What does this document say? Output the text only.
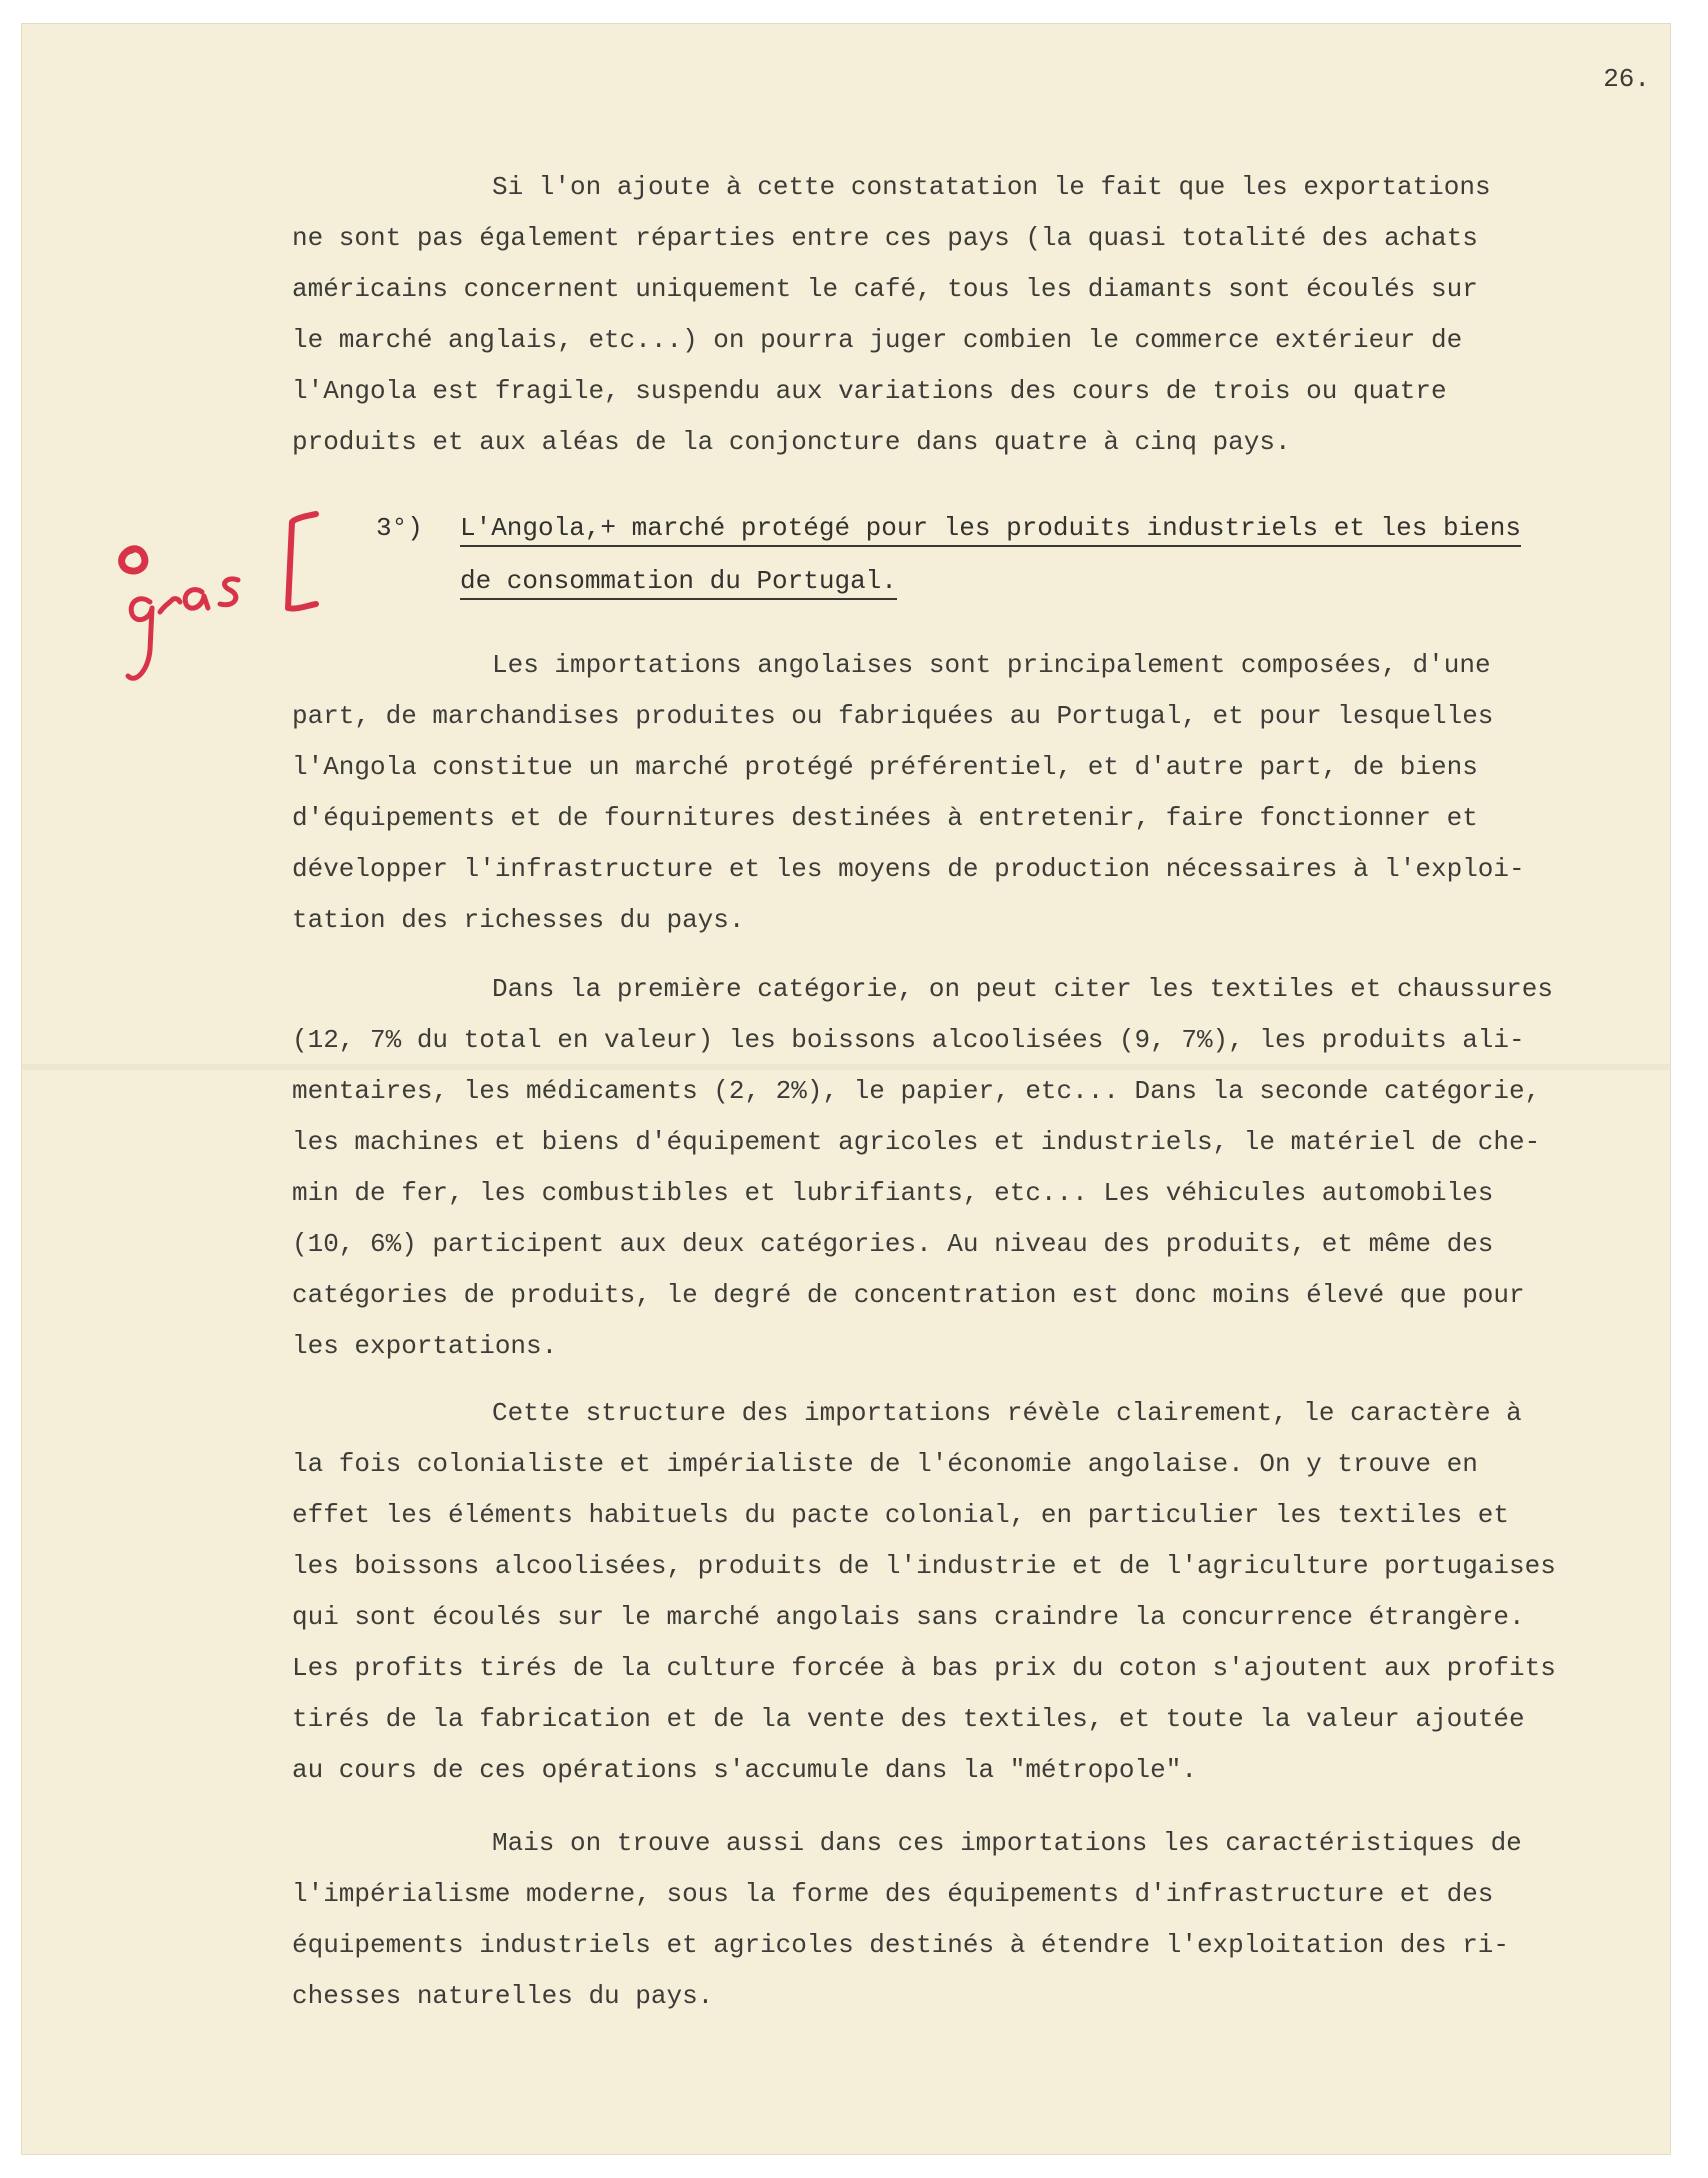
26.
Si l'on ajoute à cette constatation le fait que les exportations
ne sont pas également réparties entre ces pays (la quasi totalité des achats
américains concernent uniquement le café, tous les diamants sont écoulés sur
le marché anglais, etc...) on pourra juger combien le commerce extérieur de
l'Angola est fragile, suspendu aux variations des cours de trois ou quatre
produits et aux aléas de la conjoncture dans quatre à cinq pays.
3°) L'Angola,+ marché protégé pour les produits industriels et les biens
de consommation du Portugal.
Les importations angolaises sont principalement composées, d'une
part, de marchandises produites ou fabriquées au Portugal, et pour lesquelles
l'Angola constitue un marché protégé préférentiel, et d'autre part, de biens
d'équipements et de fournitures destinées à entretenir, faire fonctionner et
développer l'infrastructure et les moyens de production nécessaires à l'exploi-
tation des richesses du pays.
Dans la première catégorie, on peut citer les textiles et chaussures
(12, 7% du total en valeur) les boissons alcoolisées (9, 7%), les produits ali-
mentaires, les médicaments (2, 2%), le papier, etc... Dans la seconde catégorie,
les machines et biens d'équipement agricoles et industriels, le matériel de che-
min de fer, les combustibles et lubrifiants, etc... Les véhicules automobiles
(10, 6%) participent aux deux catégories. Au niveau des produits, et même des
catégories de produits, le degré de concentration est donc moins élevé que pour
les exportations.
Cette structure des importations révèle clairement, le caractère à
la fois colonialiste et impérialiste de l'économie angolaise. On y trouve en
effet les éléments habituels du pacte colonial, en particulier les textiles et
les boissons alcoolisées, produits de l'industrie et de l'agriculture portugaises
qui sont écoulés sur le marché angolais sans craindre la concurrence étrangère.
Les profits tirés de la culture forcée à bas prix du coton s'ajoutent aux profits
tirés de la fabrication et de la vente des textiles, et toute la valeur ajoutée
au cours de ces opérations s'accumule dans la "métropole".
Mais on trouve aussi dans ces importations les caractéristiques de
l'impérialisme moderne, sous la forme des équipements d'infrastructure et des
équipements industriels et agricoles destinés à étendre l'exploitation des ri-
chesses naturelles du pays.
